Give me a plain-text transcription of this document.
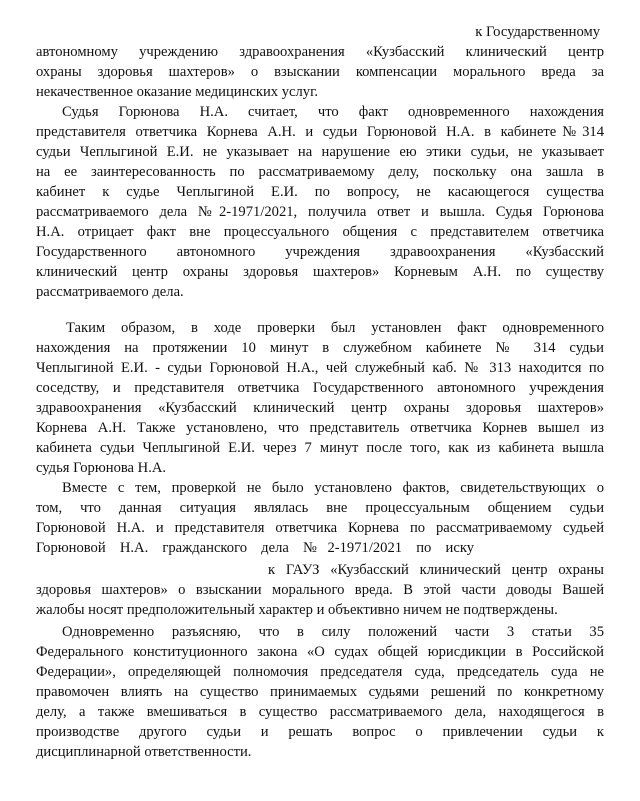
к Государственному
автономному учреждению здравоохранения «Кузбасский клинический центр
охраны здоровья шахтеров» о взыскании компенсации морального вреда за
некачественное оказание медицинских услуг.
Судья Горюнова Н.А. считает, что факт одновременного нахождения
представителя ответчика Корнева А.Н. и судьи Горюновой Н.А. в кабинете№314
судьи Чеплыгиной Е.И. не указывает на нарушение ею этики судьи, не указывает
на ее заинтересованность по рассматриваемому делу, поскольку она зашла в
кабинет к судье Чеплыгиной Е.И. по вопросу, не касающегося существа
рассматриваемого дела №2-1971/2021, получила ответ и вышла. Судья Горюнова
Н.А. отрицает факт вне процессуального общения с представителем ответчика
Государственного автономного учреждения здравоохранения «Кузбасский
клинический центр охраны здоровья шахтеров» Корневым А.Н. по существу
рассматриваемого дела.
Таким образом, в ходе проверки был установлен факт одновременного
нахождения на протяжении 10 минут в служебном кабинете № 314 судьи
Чеплыгиной Е.И. - судьи Горюновой Н.А., чей служебный каб. № 313 находится по
соседству, и представителя ответчика Государственного автономного учреждения
здравоохранения «Кузбасский клинический центр охраны здоровья шахтеров»
Корнева А.Н. Также установлено, что представитель ответчика Корнев вышел из
кабинета судьи Чеплыгиной Е.И. через 7 минут после того, как из кабинета вышла
судья Горюнова Н.А.
Вместе с тем, проверкой не было установлено фактов, свидетельствующих о
том, что данная ситуация являлась вне процессуальным общением судьи
Горюновой Н.А. и представителя ответчика Корнева по рассматриваемому судьей
Горюновой Н.А. гражданского дела №2-1971/2021 по иску
к ГАУЗ «Кузбасский клинический центр охраны
здоровья шахтеров» о взыскании морального вреда. В этой части доводы Вашей
жалобы носят предположительный характер и объективно ничем не подтверждены.
Одновременно разъясняю, что в силу положений части 3 статьи 35
Федерального конституционного закона «О судах общей юрисдикции в Российской
Федерации», определяющей полномочия председателя суда, председатель суда не
правомочен влиять на существо принимаемых судьями решений по конкретному
делу, а также вмешиваться в существо рассматриваемого дела, находящегося в
производстве другого судьи и решать вопрос о привлечении судьи к
дисциплинарной ответственности.
